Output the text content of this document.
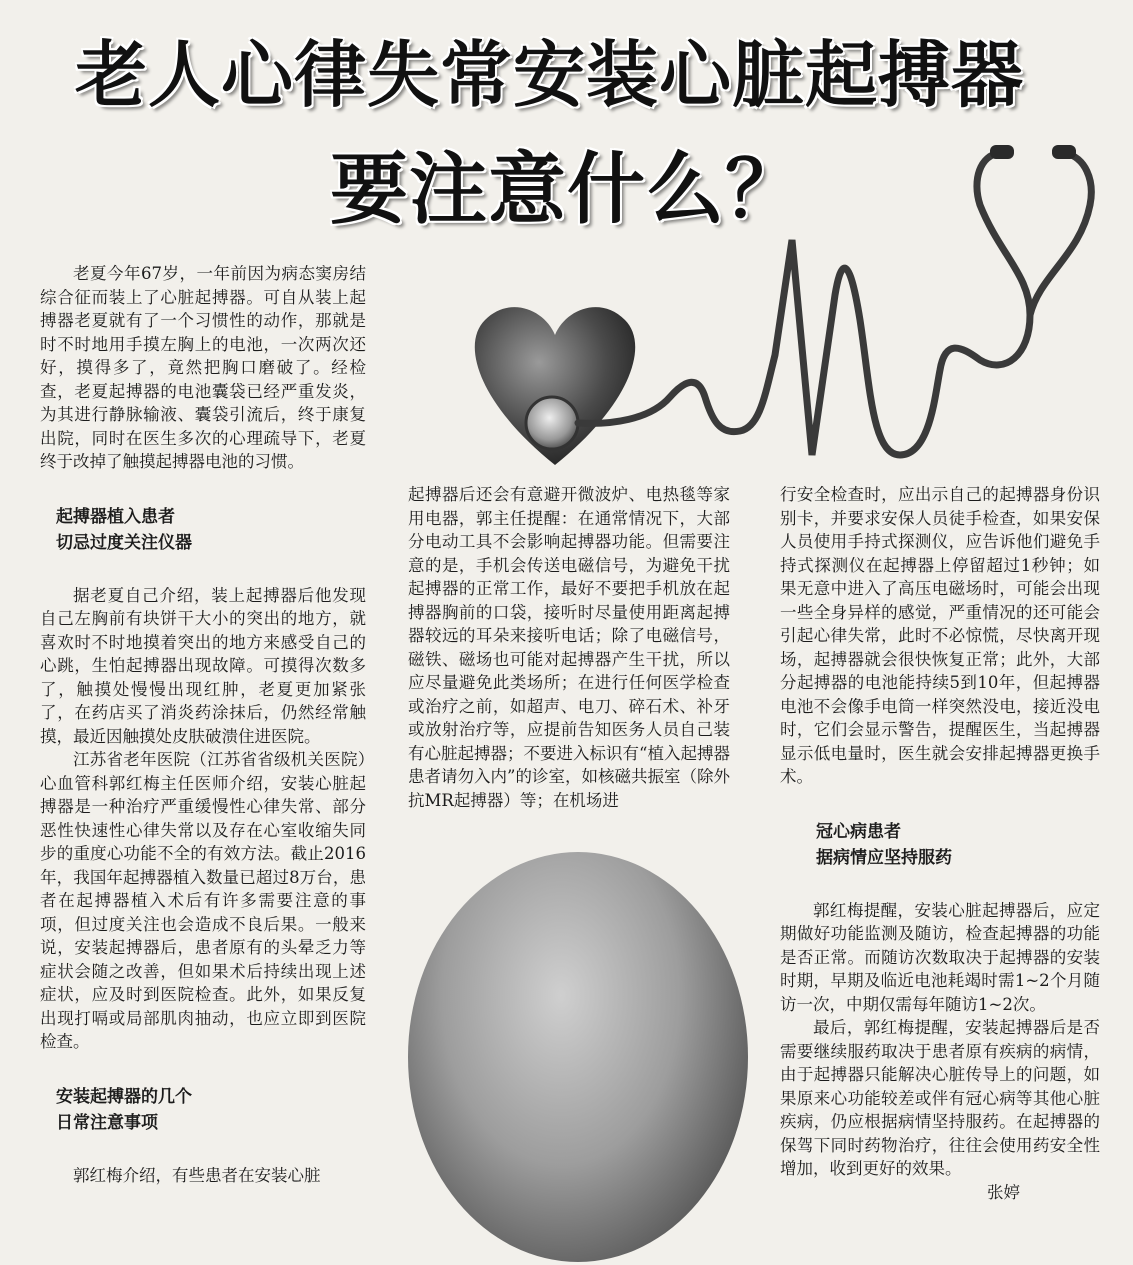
老人心律失常安装心脏起搏器
要注意什么？

老夏今年67岁，一年前因为病态窦房结综合征而装上了心脏起搏器。可自从装上起搏器老夏就有了一个习惯性的动作，那就是时不时地用手摸左胸上的电池，一次两次还好，摸得多了，竟然把胸口磨破了。经检查，老夏起搏器的电池囊袋已经严重发炎，为其进行静脉输液、囊袋引流后，终于康复出院，同时在医生多次的心理疏导下，老夏终于改掉了触摸起搏器电池的习惯。

起搏器植入患者
切忌过度关注仪器

据老夏自己介绍，装上起搏器后他发现自己左胸前有块饼干大小的突出的地方，就喜欢时不时地摸着突出的地方来感受自己的心跳，生怕起搏器出现故障。可摸得次数多了，触摸处慢慢出现红肿，老夏更加紧张了，在药店买了消炎药涂抹后，仍然经常触摸，最近因触摸处皮肤破溃住进医院。

江苏省老年医院（江苏省省级机关医院）心血管科郭红梅主任医师介绍，安装心脏起搏器是一种治疗严重缓慢性心律失常、部分恶性快速性心律失常以及存在心室收缩失同步的重度心功能不全的有效方法。截止2016年，我国年起搏器植入数量已超过8万台，患者在起搏器植入术后有许多需要注意的事项，但过度关注也会造成不良后果。一般来说，安装起搏器后，患者原有的头晕乏力等症状会随之改善，但如果术后持续出现上述症状，应及时到医院检查。此外，如果反复出现打嗝或局部肌肉抽动，也应立即到医院检查。

安装起搏器的几个
日常注意事项

郭红梅介绍，有些患者在安装心脏

起搏器后还会有意避开微波炉、电热毯等家用电器，郭主任提醒：在通常情况下，大部分电动工具不会影响起搏器功能。但需要注意的是，手机会传送电磁信号，为避免干扰起搏器的正常工作，最好不要把手机放在起搏器胸前的口袋，接听时尽量使用距离起搏器较远的耳朵来接听电话；除了电磁信号，磁铁、磁场也可能对起搏器产生干扰，所以应尽量避免此类场所；在进行任何医学检查或治疗之前，如超声、电刀、碎石术、补牙或放射治疗等，应提前告知医务人员自己装有心脏起搏器；不要进入标识有“植入起搏器患者请勿入内”的诊室，如核磁共振室（除外抗MR起搏器）等；在机场进

行安全检查时，应出示自己的起搏器身份识别卡，并要求安保人员徒手检查，如果安保人员使用手持式探测仪，应告诉他们避免手持式探测仪在起搏器上停留超过1秒钟；如果无意中进入了高压电磁场时，可能会出现一些全身异样的感觉，严重情况的还可能会引起心律失常，此时不必惊慌，尽快离开现场，起搏器就会很快恢复正常；此外，大部分起搏器的电池能持续5到10年，但起搏器电池不会像手电筒一样突然没电，接近没电时，它们会显示警告，提醒医生，当起搏器显示低电量时，医生就会安排起搏器更换手术。

冠心病患者
据病情应坚持服药

郭红梅提醒，安装心脏起搏器后，应定期做好功能监测及随访，检查起搏器的功能是否正常。而随访次数取决于起搏器的安装时期，早期及临近电池耗竭时需1~2个月随访一次，中期仅需每年随访1~2次。

最后，郭红梅提醒，安装起搏器后是否需要继续服药取决于患者原有疾病的病情，由于起搏器只能解决心脏传导上的问题，如果原来心功能较差或伴有冠心病等其他心脏疾病，仍应根据病情坚持服药。在起搏器的保驾下同时药物治疗，往往会使用药安全性增加，收到更好的效果。

张婷
